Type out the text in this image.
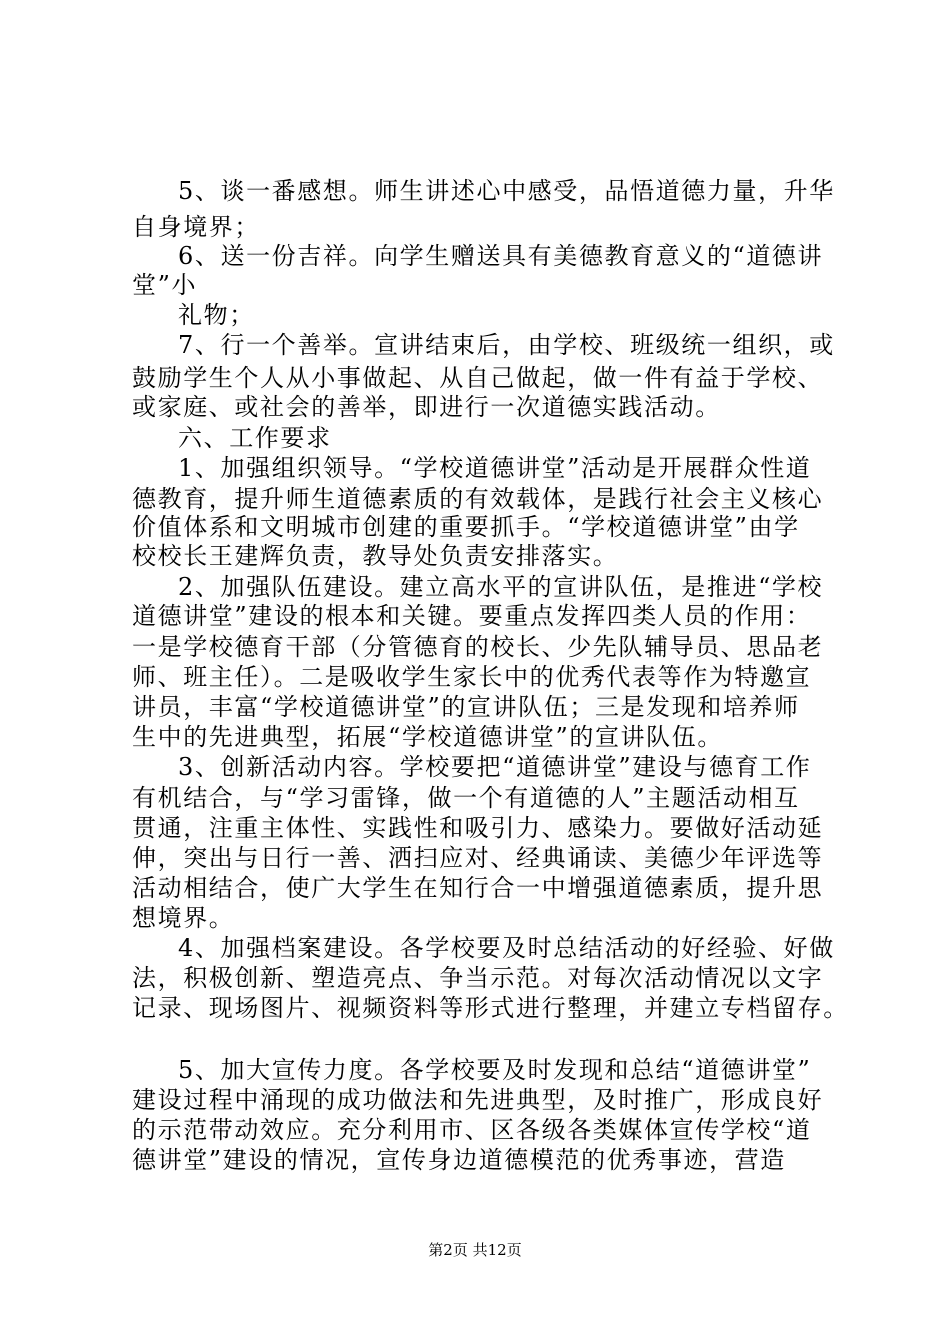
5、谈一番感想。师生讲述心中感受，品悟道德力量，升华
自身境界；
6、送一份吉祥。向学生赠送具有美德教育意义的“道德讲
堂”小
礼物；
7、行一个善举。宣讲结束后，由学校、班级统一组织，或
鼓励学生个人从小事做起、从自己做起，做一件有益于学校、
或家庭、或社会的善举，即进行一次道德实践活动。
六、工作要求
1、加强组织领导。“学校道德讲堂”活动是开展群众性道
德教育，提升师生道德素质的有效载体，是践行社会主义核心
价值体系和文明城市创建的重要抓手。“学校道德讲堂”由学
校校长王建辉负责，教导处负责安排落实。
2、加强队伍建设。建立高水平的宣讲队伍，是推进“学校
道德讲堂”建设的根本和关键。要重点发挥四类人员的作用：
一是学校德育干部（分管德育的校长、少先队辅导员、思品老
师、班主任）。二是吸收学生家长中的优秀代表等作为特邀宣
讲员，丰富“学校道德讲堂”的宣讲队伍；三是发现和培养师
生中的先进典型，拓展“学校道德讲堂”的宣讲队伍。
3、创新活动内容。学校要把“道德讲堂”建设与德育工作
有机结合，与“学习雷锋，做一个有道德的人”主题活动相互
贯通，注重主体性、实践性和吸引力、感染力。要做好活动延
伸，突出与日行一善、洒扫应对、经典诵读、美德少年评选等
活动相结合，使广大学生在知行合一中增强道德素质，提升思
想境界。
4、加强档案建设。各学校要及时总结活动的好经验、好做
法，积极创新、塑造亮点、争当示范。对每次活动情况以文字
记录、现场图片、视频资料等形式进行整理，并建立专档留存。
5、加大宣传力度。各学校要及时发现和总结“道德讲堂”
建设过程中涌现的成功做法和先进典型，及时推广，形成良好
的示范带动效应。充分利用市、区各级各类媒体宣传学校“道
德讲堂”建设的情况，宣传身边道德模范的优秀事迹，营造
第2页 共12页
